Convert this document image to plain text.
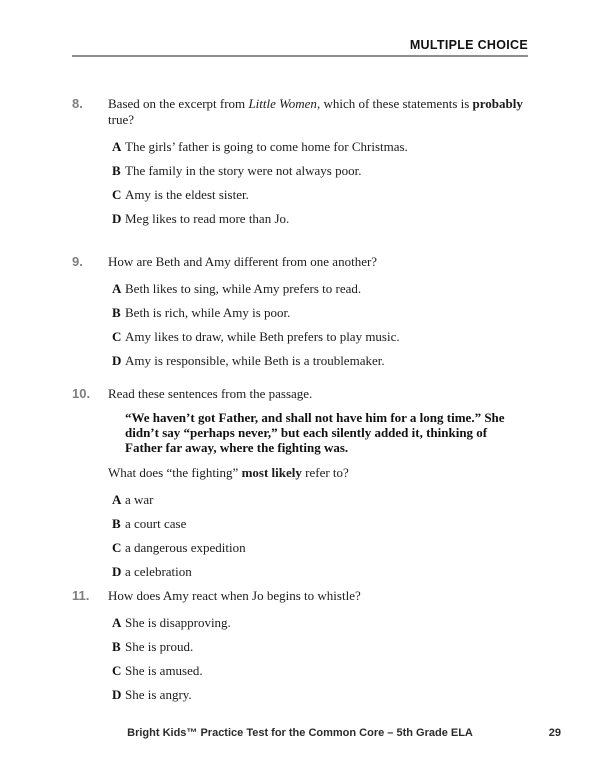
MULTIPLE CHOICE
8.	Based on the excerpt from Little Women, which of these statements is probably true?

A The girls’ father is going to come home for Christmas.
B The family in the story were not always poor.
C Amy is the eldest sister.
D Meg likes to read more than Jo.
9.	How are Beth and Amy different from one another?

A Beth likes to sing, while Amy prefers to read.
B Beth is rich, while Amy is poor.
C Amy likes to draw, while Beth prefers to play music.
D Amy is responsible, while Beth is a troublemaker.
10.	Read these sentences from the passage.

“We haven’t got Father, and shall not have him for a long time.” She didn’t say “perhaps never,” but each silently added it, thinking of Father far away, where the fighting was.

What does “the fighting” most likely refer to?

A a war
B a court case
C a dangerous expedition
D a celebration
11.	How does Amy react when Jo begins to whistle?

A She is disapproving.
B She is proud.
C She is amused.
D She is angry.
Bright Kids™ Practice Test for the Common Core – 5th Grade ELA	29
